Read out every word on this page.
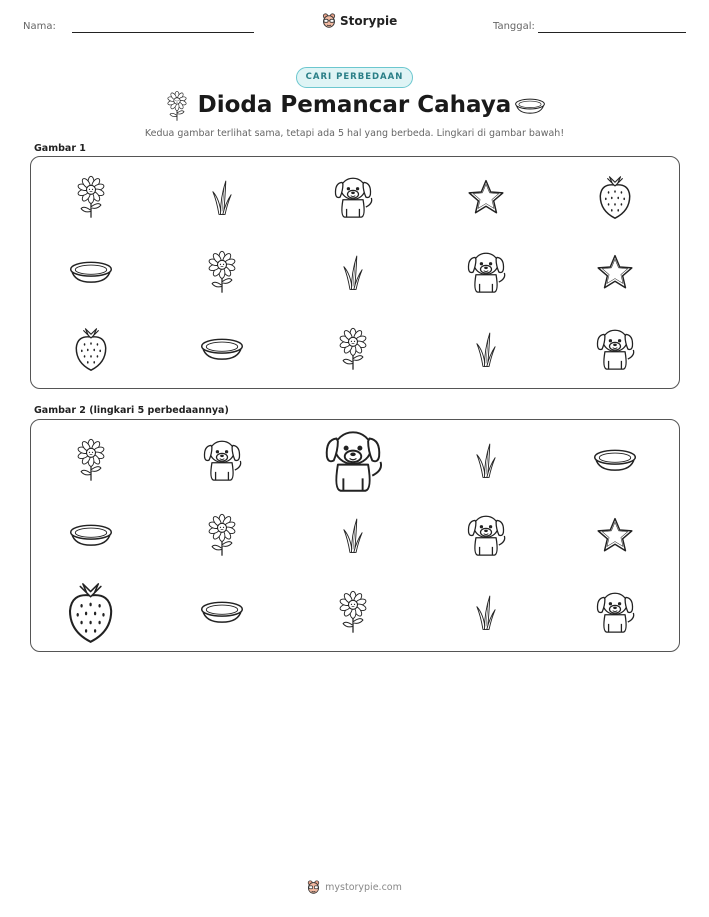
Nama:	Storypie	Tanggal:
CARI PERBEDAAN
Dioda Pemancar Cahaya
Kedua gambar terlihat sama, tetapi ada 5 hal yang berbeda. Lingkari di gambar bawah!
Gambar 1
Gambar 2 (lingkari 5 perbedaannya)
mystorypie.com
